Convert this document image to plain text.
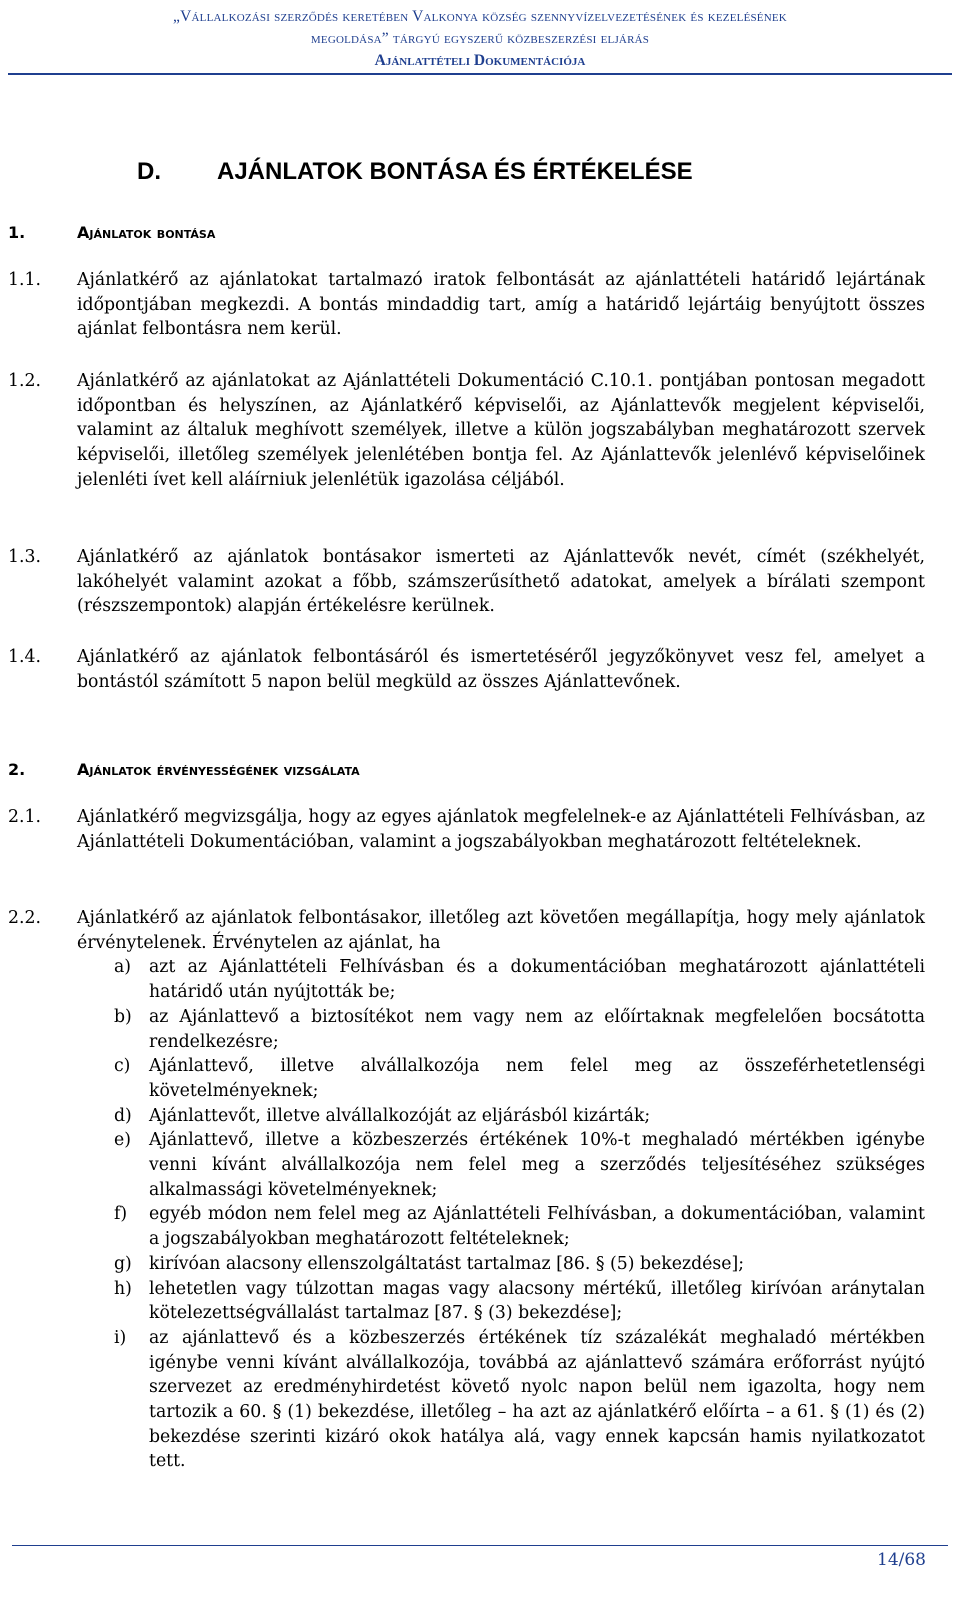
„Vállalkozási szerződés keretében Valkonya község szennyvízelvezetésének és kezelésének
megoldása” tárgyú egyszerű közbeszerzési eljárás
Ajánlattételi Dokumentációja
D. AJÁNLATOK BONTÁSA ÉS ÉRTÉKELÉSE
1.	Ajánlatok bontása
1.1. Ajánlatkérő az ajánlatokat tartalmazó iratok felbontását az ajánlattételi határidő lejártának időpontjában megkezdi. A bontás mindaddig tart, amíg a határidő lejártáig benyújtott összes ajánlat felbontásra nem kerül.
1.2. Ajánlatkérő az ajánlatokat az Ajánlattételi Dokumentáció C.10.1. pontjában pontosan megadott időpontban és helyszínen, az Ajánlatkérő képviselői, az Ajánlattevők megjelent képviselői, valamint az általuk meghívott személyek, illetve a külön jogszabályban meghatározott szervek képviselői, illetőleg személyek jelenlétében bontja fel. Az Ajánlattevők jelenlévő képviselőinek jelenléti ívet kell aláírniuk jelenlétük igazolása céljából.
1.3. Ajánlatkérő az ajánlatok bontásakor ismerteti az Ajánlattevők nevét, címét (székhelyét, lakóhelyét valamint azokat a főbb, számszerűsíthető adatokat, amelyek a bírálati szempont (részszempontok) alapján értékelésre kerülnek.
1.4. Ajánlatkérő az ajánlatok felbontásáról és ismertetéséről jegyzőkönyvet vesz fel, amelyet a bontástól számított 5 napon belül megküld az összes Ajánlattevőnek.
2.	Ajánlatok érvényességének vizsgálata
2.1. Ajánlatkérő megvizsgálja, hogy az egyes ajánlatok megfelelnek-e az Ajánlattételi Felhívásban, az Ajánlattételi Dokumentációban, valamint a jogszabályokban meghatározott feltételeknek.
2.2. Ajánlatkérő az ajánlatok felbontásakor, illetőleg azt követően megállapítja, hogy mely ajánlatok érvénytelenek. Érvénytelen az ajánlat, ha
a) azt az Ajánlattételi Felhívásban és a dokumentációban meghatározott ajánlattételi határidő után nyújtották be;
b) az Ajánlattevő a biztosítékot nem vagy nem az előírtaknak megfelelően bocsátotta rendelkezésre;
c) Ajánlattevő, illetve alvállalkozója nem felel meg az összeférhetetlenségi követelményeknek;
d) Ajánlattevőt, illetve alvállalkozóját az eljárásból kizárták;
e) Ajánlattevő, illetve a közbeszerzés értékének 10%-t meghaladó mértékben igénybe venni kívánt alvállalkozója nem felel meg a szerződés teljesítéséhez szükséges alkalmassági követelményeknek;
f) egyéb módon nem felel meg az Ajánlattételi Felhívásban, a dokumentációban, valamint a jogszabályokban meghatározott feltételeknek;
g) kirívóan alacsony ellenszolgáltatást tartalmaz [86. § (5) bekezdése];
h) lehetetlen vagy túlzottan magas vagy alacsony mértékű, illetőleg kirívóan aránytalan kötelezettségvállalást tartalmaz [87. § (3) bekezdése];
i) az ajánlattevő és a közbeszerzés értékének tíz százalékát meghaladó mértékben igénybe venni kívánt alvállalkozója, továbbá az ajánlattevő számára erőforrást nyújtó szervezet az eredményhirdetést követő nyolc napon belül nem igazolta, hogy nem tartozik a 60. § (1) bekezdése, illetőleg – ha azt az ajánlatkérő előírta – a 61. § (1) és (2) bekezdése szerinti kizáró okok hatálya alá, vagy ennek kapcsán hamis nyilatkozatot tett.
14/68
